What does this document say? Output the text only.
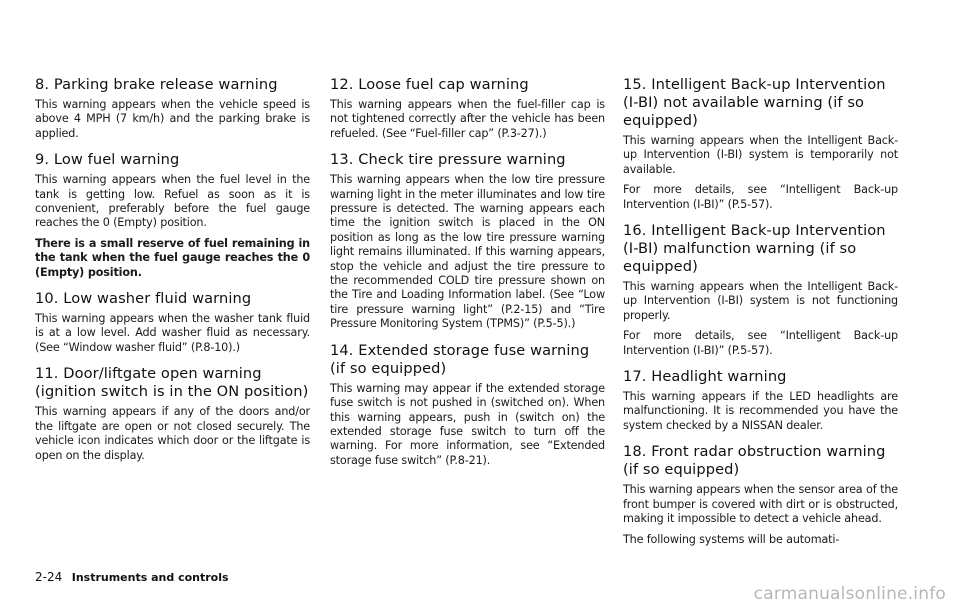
8. Parking brake release warning

This warning appears when the vehicle speed is above 4 MPH (7 km/h) and the parking brake is applied.

9. Low fuel warning

This warning appears when the fuel level in the tank is getting low. Refuel as soon as it is convenient, preferably before the fuel gauge reaches the 0 (Empty) position.

There is a small reserve of fuel remaining in the tank when the fuel gauge reaches the 0 (Empty) position.

10. Low washer fluid warning

This warning appears when the washer tank fluid is at a low level. Add washer fluid as necessary. (See “Window washer fluid” (P.8-10).)

11. Door/liftgate open warning (ignition switch is in the ON position)

This warning appears if any of the doors and/or the liftgate are open or not closed securely. The vehicle icon indicates which door or the liftgate is open on the display.

12. Loose fuel cap warning

This warning appears when the fuel-filler cap is not tightened correctly after the vehicle has been refueled. (See “Fuel-filler cap” (P.3-27).)

13. Check tire pressure warning

This warning appears when the low tire pressure warning light in the meter illuminates and low tire pressure is detected. The warning appears each time the ignition switch is placed in the ON position as long as the low tire pressure warning light remains illuminated. If this warning appears, stop the vehicle and adjust the tire pressure to the recommended COLD tire pressure shown on the Tire and Loading Information label. (See “Low tire pressure warning light” (P.2-15) and “Tire Pressure Monitoring System (TPMS)” (P.5-5).)

14. Extended storage fuse warning (if so equipped)

This warning may appear if the extended storage fuse switch is not pushed in (switched on). When this warning appears, push in (switch on) the extended storage fuse switch to turn off the warning. For more information, see “Extended storage fuse switch” (P.8-21).

15. Intelligent Back-up Intervention (I-BI) not available warning (if so equipped)

This warning appears when the Intelligent Back-up Intervention (I-BI) system is temporarily not available.

For more details, see “Intelligent Back-up Intervention (I-BI)” (P.5-57).

16. Intelligent Back-up Intervention (I-BI) malfunction warning (if so equipped)

This warning appears when the Intelligent Back-up Intervention (I-BI) system is not functioning properly.

For more details, see “Intelligent Back-up Intervention (I-BI)” (P.5-57).

17. Headlight warning

This warning appears if the LED headlights are malfunctioning. It is recommended you have the system checked by a NISSAN dealer.

18. Front radar obstruction warning (if so equipped)

This warning appears when the sensor area of the front bumper is covered with dirt or is obstructed, making it impossible to detect a vehicle ahead.

The following systems will be automati-

2-24 Instruments and controls
carmanualsonline.info
